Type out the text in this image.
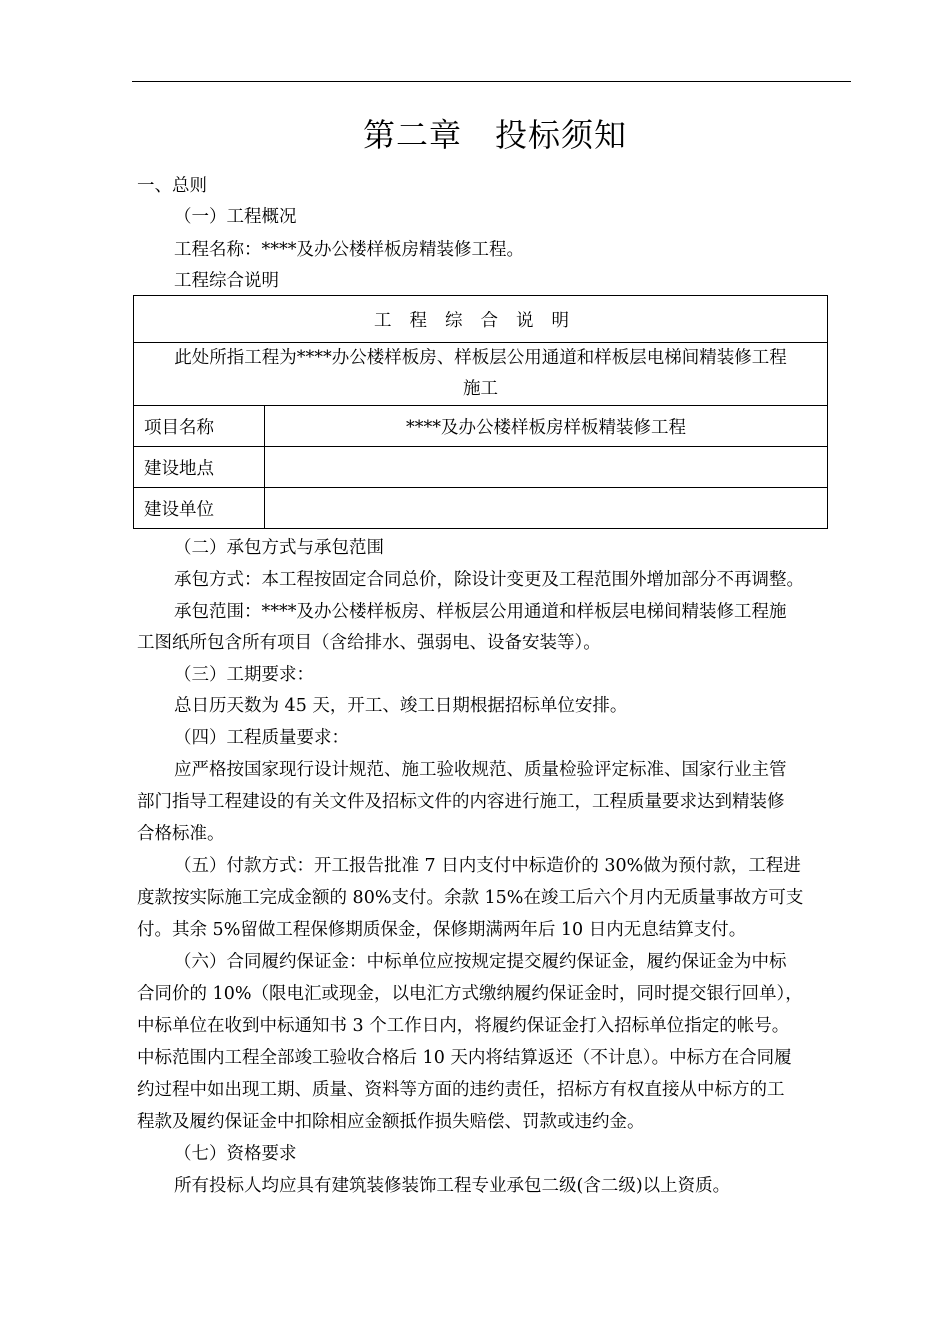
第二章　投标须知
一、总则
（一）工程概况
工程名称：****及办公楼样板房精装修工程。
工程综合说明
工程综合说明	
此处所指工程为****办公楼样板房、样板层公用通道和样板层电梯间精装修工程
施工	
项目名称	****及办公楼样板房样板精装修工程
建设地点	
建设单位	
（二）承包方式与承包范围
承包方式：本工程按固定合同总价，除设计变更及工程范围外增加部分不再调整。
承包范围：****及办公楼样板房、样板层公用通道和样板层电梯间精装修工程施
工图纸所包含所有项目（含给排水、强弱电、设备安装等）。
（三）工期要求：
总日历天数为 45 天，开工、竣工日期根据招标单位安排。
（四）工程质量要求：
应严格按国家现行设计规范、施工验收规范、质量检验评定标准、国家行业主管
部门指导工程建设的有关文件及招标文件的内容进行施工，工程质量要求达到精装修
合格标准。
（五）付款方式：开工报告批准 7 日内支付中标造价的 30%做为预付款，工程进
度款按实际施工完成金额的 80%支付。余款 15%在竣工后六个月内无质量事故方可支
付。其余 5%留做工程保修期质保金，保修期满两年后 10 日内无息结算支付。
（六）合同履约保证金：中标单位应按规定提交履约保证金，履约保证金为中标
合同价的 10%（限电汇或现金，以电汇方式缴纳履约保证金时，同时提交银行回单），
中标单位在收到中标通知书 3 个工作日内，将履约保证金打入招标单位指定的帐号。
中标范围内工程全部竣工验收合格后 10 天内将结算返还（不计息）。中标方在合同履
约过程中如出现工期、质量、资料等方面的违约责任，招标方有权直接从中标方的工
程款及履约保证金中扣除相应金额抵作损失赔偿、罚款或违约金。
（七）资格要求
所有投标人均应具有建筑装修装饰工程专业承包二级(含二级)以上资质。
